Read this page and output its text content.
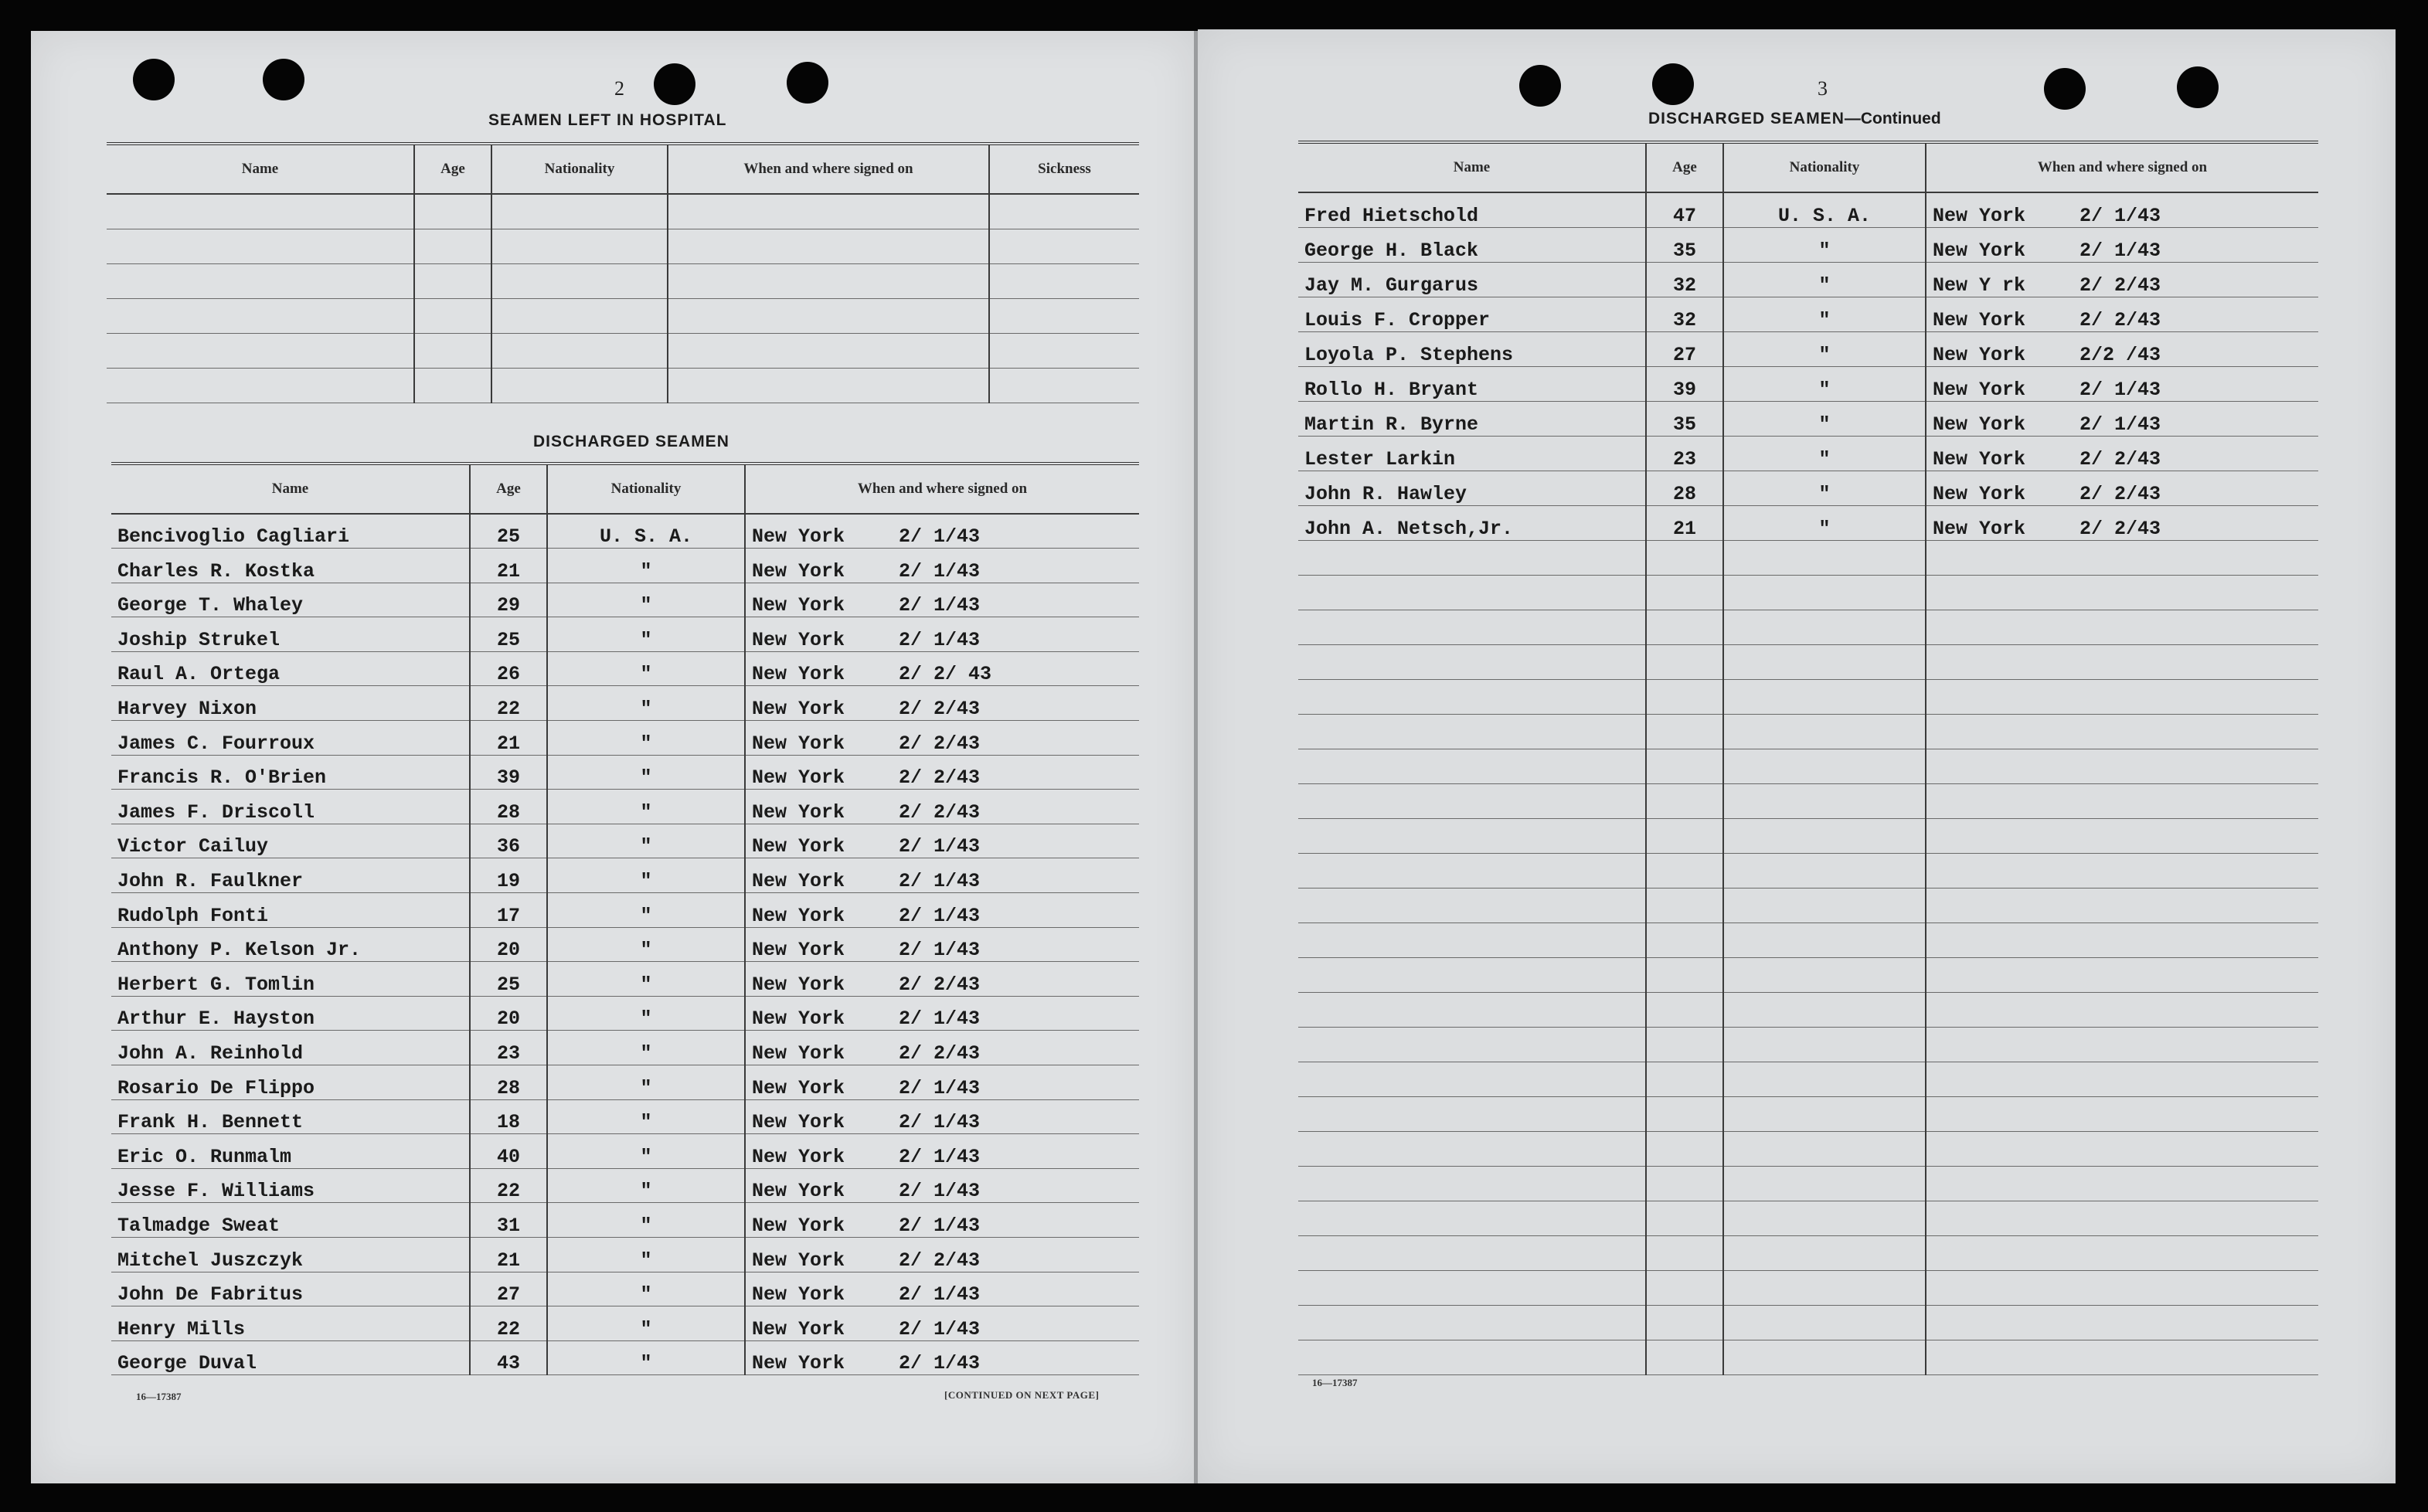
2
SEAMEN LEFT IN HOSPITAL
Name	Age	Nationality	When and where signed on	Sickness

DISCHARGED SEAMEN
Name	Age	Nationality	When and where signed on
Bencivoglio Cagliari	25	U. S. A.	New York 2/ 1/43
Charles R. Kostka	21	"	New York 2/ 1/43
George T. Whaley	29	"	New York 2/ 1/43
Joship Strukel	25	"	New York 2/ 1/43
Raul A. Ortega	26	"	New York 2/ 2/ 43
Harvey Nixon	22	"	New York 2/ 2/43
James C. Fourroux	21	"	New York 2/ 2/43
Francis R. O'Brien	39	"	New York 2/ 2/43
James F. Driscoll	28	"	New York 2/ 2/43
Victor Cailuy	36	"	New York 2/ 1/43
John R. Faulkner	19	"	New York 2/ 1/43
Rudolph Fonti	17	"	New York 2/ 1/43
Anthony P. Kelson Jr.	20	"	New York 2/ 1/43
Herbert G. Tomlin	25	"	New York 2/ 2/43
Arthur E. Hayston	20	"	New York 2/ 1/43
John A. Reinhold	23	"	New York 2/ 2/43
Rosario De Flippo	28	"	New York 2/ 1/43
Frank H. Bennett	18	"	New York 2/ 1/43
Eric O. Runmalm	40	"	New York 2/ 1/43
Jesse F. Williams	22	"	New York 2/ 1/43
Talmadge Sweat	31	"	New York 2/ 1/43
Mitchel Juszczyk	21	"	New York 2/ 2/43
John De Fabritus	27	"	New York 2/ 1/43
Henry Mills	22	"	New York 2/ 1/43
George Duval	43	"	New York 2/ 1/43
16—17387	[CONTINUED ON NEXT PAGE]
3
DISCHARGED SEAMEN—Continued
Name	Age	Nationality	When and where signed on
Fred Hietschold	47	U. S. A.	New York 2/ 1/43
George H. Black	35	"	New York 2/ 1/43
Jay M. Gurgarus	32	"	New Y rk 2/ 2/43
Louis F. Cropper	32	"	New York 2/ 2/43
Loyola P. Stephens	27	"	New York 2/2 /43
Rollo H. Bryant	39	"	New York 2/ 1/43
Martin R. Byrne	35	"	New York 2/ 1/43
Lester Larkin	23	"	New York 2/ 2/43
John R. Hawley	28	"	New York 2/ 2/43
John A. Netsch,Jr.	21	"	New York 2/ 2/43

16—17387
